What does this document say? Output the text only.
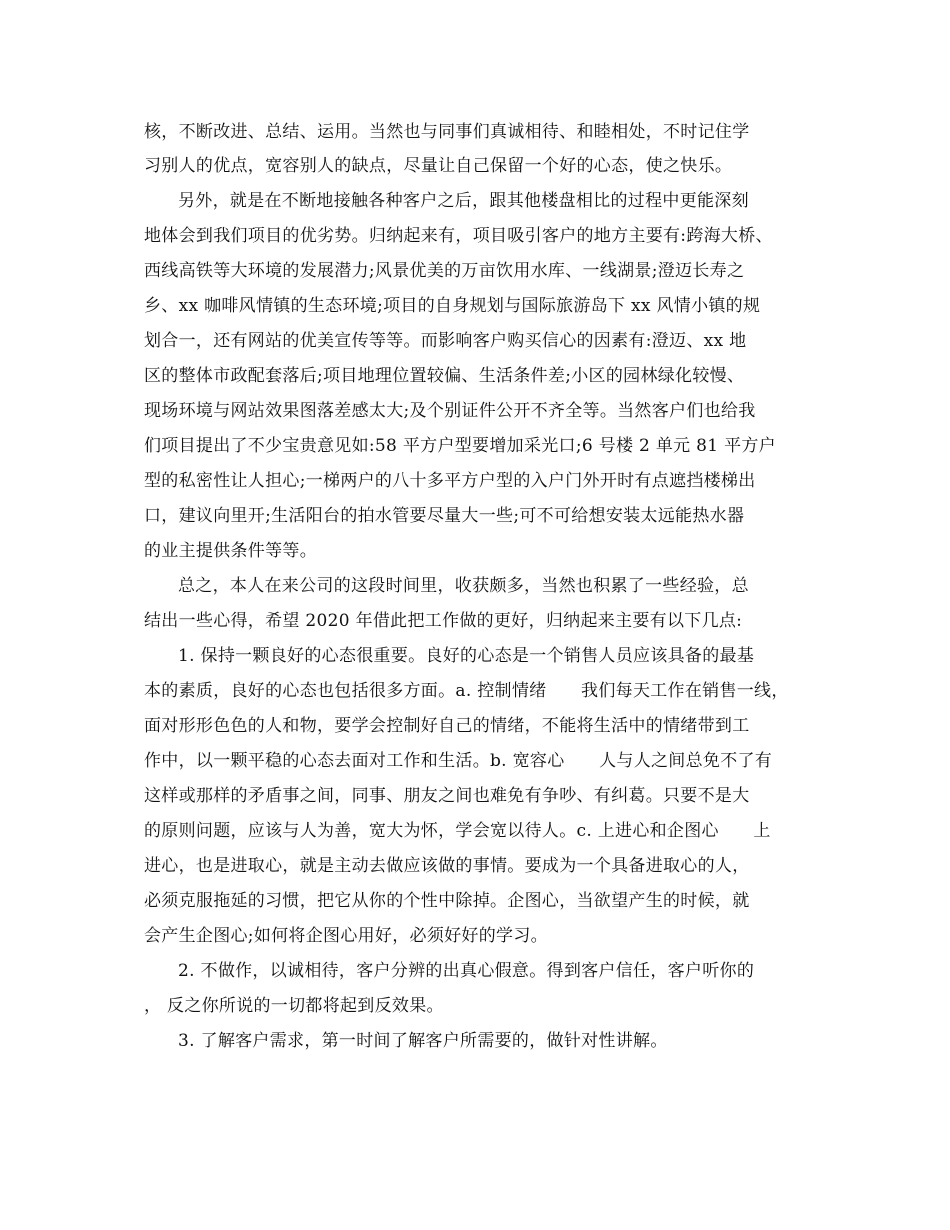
核，不断改进、总结、运用。当然也与同事们真诚相待、和睦相处，不时记住学
习别人的优点，宽容别人的缺点，尽量让自己保留一个好的心态，使之快乐。
另外，就是在不断地接触各种客户之后，跟其他楼盘相比的过程中更能深刻
地体会到我们项目的优劣势。归纳起来有，项目吸引客户的地方主要有:跨海大桥、
西线高铁等大环境的发展潜力;风景优美的万亩饮用水库、一线湖景;澄迈长寿之
乡、xx 咖啡风情镇的生态环境;项目的自身规划与国际旅游岛下 xx 风情小镇的规
划合一，还有网站的优美宣传等等。而影响客户购买信心的因素有:澄迈、xx 地
区的整体市政配套落后;项目地理位置较偏、生活条件差;小区的园林绿化较慢、
现场环境与网站效果图落差感太大;及个别证件公开不齐全等。当然客户们也给我
们项目提出了不少宝贵意见如:58 平方户型要增加采光口;6 号楼 2 单元 81 平方户
型的私密性让人担心;一梯两户的八十多平方户型的入户门外开时有点遮挡楼梯出
口，建议向里开;生活阳台的拍水管要尽量大一些;可不可给想安装太远能热水器
的业主提供条件等等。
总之，本人在来公司的这段时间里，收获颇多，当然也积累了一些经验，总
结出一些心得，希望 2020 年借此把工作做的更好，归纳起来主要有以下几点:
1. 保持一颗良好的心态很重要。良好的心态是一个销售人员应该具备的最基
本的素质，良好的心态也包括很多方面。a. 控制情绪　　我们每天工作在销售一线，
面对形形色色的人和物，要学会控制好自己的情绪，不能将生活中的情绪带到工
作中，以一颗平稳的心态去面对工作和生活。b. 宽容心　　人与人之间总免不了有
这样或那样的矛盾事之间，同事、朋友之间也难免有争吵、有纠葛。只要不是大
的原则问题，应该与人为善，宽大为怀，学会宽以待人。c. 上进心和企图心　　上
进心，也是进取心，就是主动去做应该做的事情。要成为一个具备进取心的人，
必须克服拖延的习惯，把它从你的个性中除掉。企图心，当欲望产生的时候，就
会产生企图心;如何将企图心用好，必须好好的学习。
2. 不做作，以诚相待，客户分辨的出真心假意。得到客户信任，客户听你的
， 反之你所说的一切都将起到反效果。
3. 了解客户需求，第一时间了解客户所需要的，做针对性讲解。
